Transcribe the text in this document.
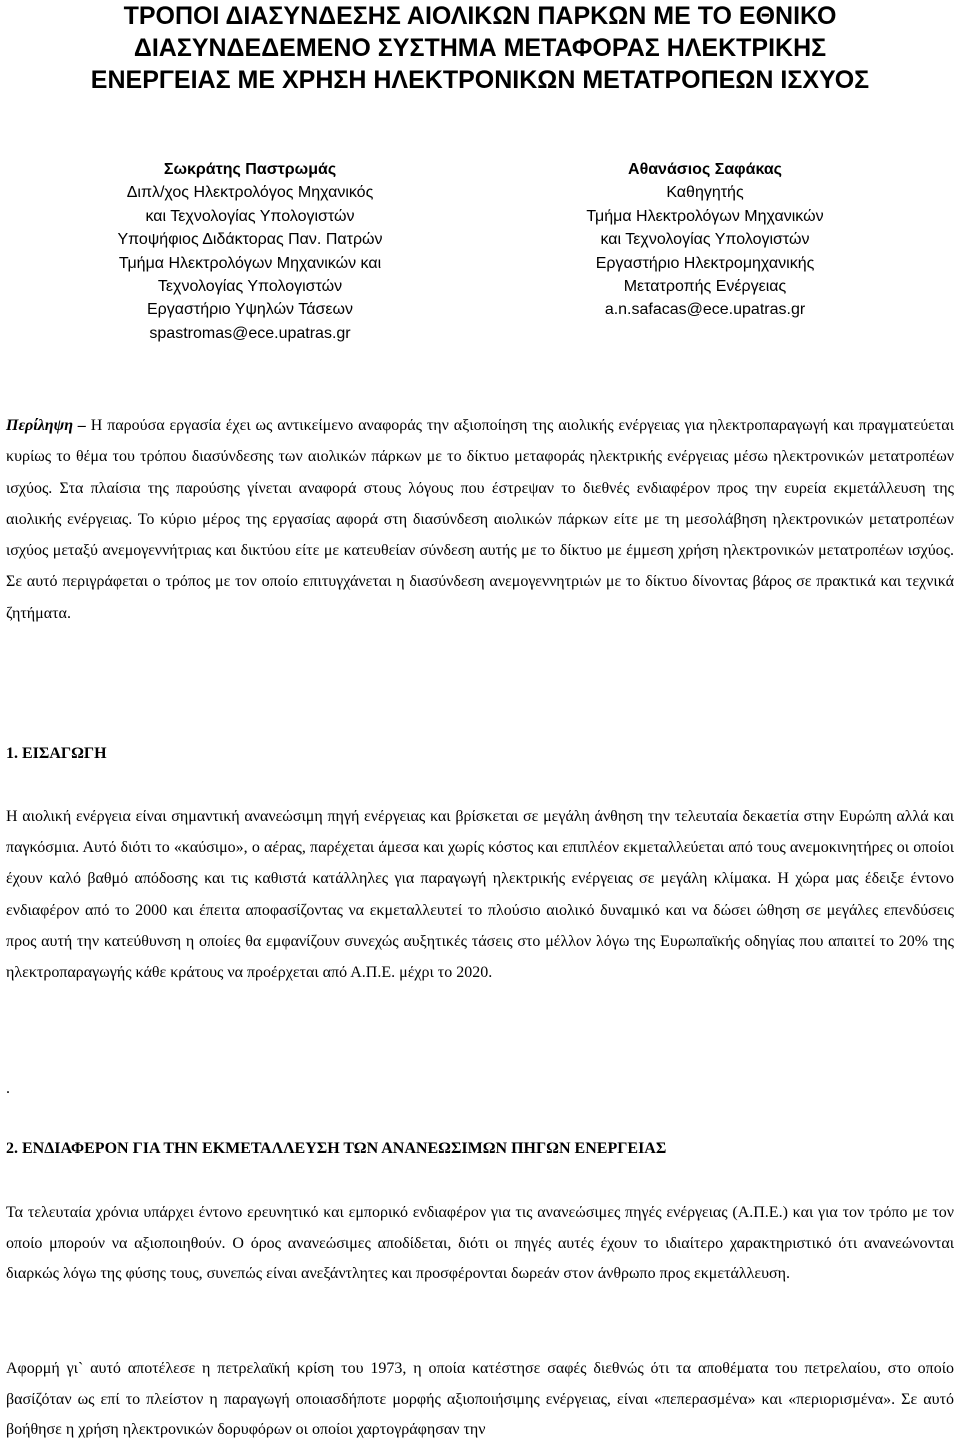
ΤΡΟΠΟΙ ΔΙΑΣΥΝΔΕΣΗΣ ΑΙΟΛΙΚΩΝ ΠΑΡΚΩΝ ΜΕ ΤΟ ΕΘΝΙΚΟ
ΔΙΑΣΥΝΔΕΔΕΜΕΝΟ ΣΥΣΤΗΜΑ ΜΕΤΑΦΟΡΑΣ ΗΛΕΚΤΡΙΚΗΣ
ΕΝΕΡΓΕΙΑΣ ΜΕ ΧΡΗΣΗ ΗΛΕΚΤΡΟΝΙΚΩΝ ΜΕΤΑΤΡΟΠΕΩΝ ΙΣΧΥΟΣ
Σωκράτης Παστρωμάς
Διπλ/χος Ηλεκτρολόγος Μηχανικός
και Τεχνολογίας Υπολογιστών
Υποψήφιος Διδάκτορας Παν. Πατρών
Τμήμα Ηλεκτρολόγων Μηχανικών και
Τεχνολογίας Υπολογιστών
Εργαστήριο Υψηλών Τάσεων
spastromas@ece.upatras.gr
Αθανάσιος Σαφάκας
Καθηγητής
Τμήμα Ηλεκτρολόγων Μηχανικών
και Τεχνολογίας Υπολογιστών
Εργαστήριο Ηλεκτρομηχανικής
Μετατροπής Ενέργειας
a.n.safacas@ece.upatras.gr

Περίληψη – Η παρούσα εργασία έχει ως αντικείμενο αναφοράς την αξιοποίηση της αιολικής ενέργειας για ηλεκτροπαραγωγή και πραγματεύεται κυρίως το θέμα του τρόπου διασύνδεσης των αιολικών πάρκων με το δίκτυο μεταφοράς ηλεκτρικής ενέργειας μέσω ηλεκτρονικών μετατροπέων ισχύος. Στα πλαίσια της παρούσης γίνεται αναφορά στους λόγους που έστρεψαν το διεθνές ενδιαφέρον προς την ευρεία εκμετάλλευση της αιολικής ενέργειας. Το κύριο μέρος της εργασίας αφορά στη διασύνδεση αιολικών πάρκων είτε με τη μεσολάβηση ηλεκτρονικών μετατροπέων ισχύος μεταξύ ανεμογεννήτριας και δικτύου είτε με κατευθείαν σύνδεση αυτής με το δίκτυο με έμμεση χρήση ηλεκτρονικών μετατροπέων ισχύος. Σε αυτό περιγράφεται ο τρόπος με τον οποίο επιτυγχάνεται η διασύνδεση ανεμογεννητριών με το δίκτυο δίνοντας βάρος σε πρακτικά και τεχνικά ζητήματα.

1. ΕΙΣΑΓΩΓΗ

Η αιολική ενέργεια είναι σημαντική ανανεώσιμη πηγή ενέργειας και βρίσκεται σε μεγάλη άνθηση την τελευταία δεκαετία στην Ευρώπη αλλά και παγκόσμια. Αυτό διότι το «καύσιμο», ο αέρας, παρέχεται άμεσα και χωρίς κόστος και επιπλέον εκμεταλλεύεται από τους ανεμοκινητήρες οι οποίοι έχουν καλό βαθμό απόδοσης και τις καθιστά κατάλληλες για παραγωγή ηλεκτρικής ενέργειας σε μεγάλη κλίμακα. Η χώρα μας έδειξε έντονο ενδιαφέρον από το 2000 και έπειτα αποφασίζοντας να εκμεταλλευτεί το πλούσιο αιολικό δυναμικό και να δώσει ώθηση σε μεγάλες επενδύσεις προς αυτή την κατεύθυνση η οποίες θα εμφανίζουν συνεχώς αυξητικές τάσεις στο μέλλον λόγω της Ευρωπαϊκής οδηγίας που απαιτεί το 20% της ηλεκτροπαραγωγής κάθε κράτους να προέρχεται από Α.Π.Ε. μέχρι το 2020.

.
2. ΕΝΔΙΑΦΕΡΟΝ ΓΙΑ ΤΗΝ ΕΚΜΕΤΑΛΛΕΥΣΗ ΤΩΝ ΑΝΑΝΕΩΣΙΜΩΝ ΠΗΓΩΝ ΕΝΕΡΓΕΙΑΣ

Τα τελευταία χρόνια υπάρχει έντονο ερευνητικό και εμπορικό ενδιαφέρον για τις ανανεώσιμες πηγές ενέργειας (Α.Π.Ε.) και για τον τρόπο με τον οποίο μπορούν να αξιοποιηθούν. Ο όρος ανανεώσιμες αποδίδεται, διότι οι πηγές αυτές έχουν το ιδιαίτερο χαρακτηριστικό ότι ανανεώνονται διαρκώς λόγω της φύσης τους, συνεπώς είναι ανεξάντλητες και προσφέρονται δωρεάν στον άνθρωπο προς εκμετάλλευση.

Αφορμή γι` αυτό αποτέλεσε η πετρελαϊκή κρίση του 1973, η οποία κατέστησε σαφές διεθνώς ότι τα αποθέματα του πετρελαίου, στο οποίο βασίζόταν ως επί το πλείστον η παραγωγή οποιασδήποτε μορφής αξιοποιήσιμης ενέργειας, είναι «πεπερασμένα» και «περιορισμένα». Σε αυτό βοήθησε η χρήση ηλεκτρονικών δορυφόρων οι οποίοι χαρτογράφησαν την
